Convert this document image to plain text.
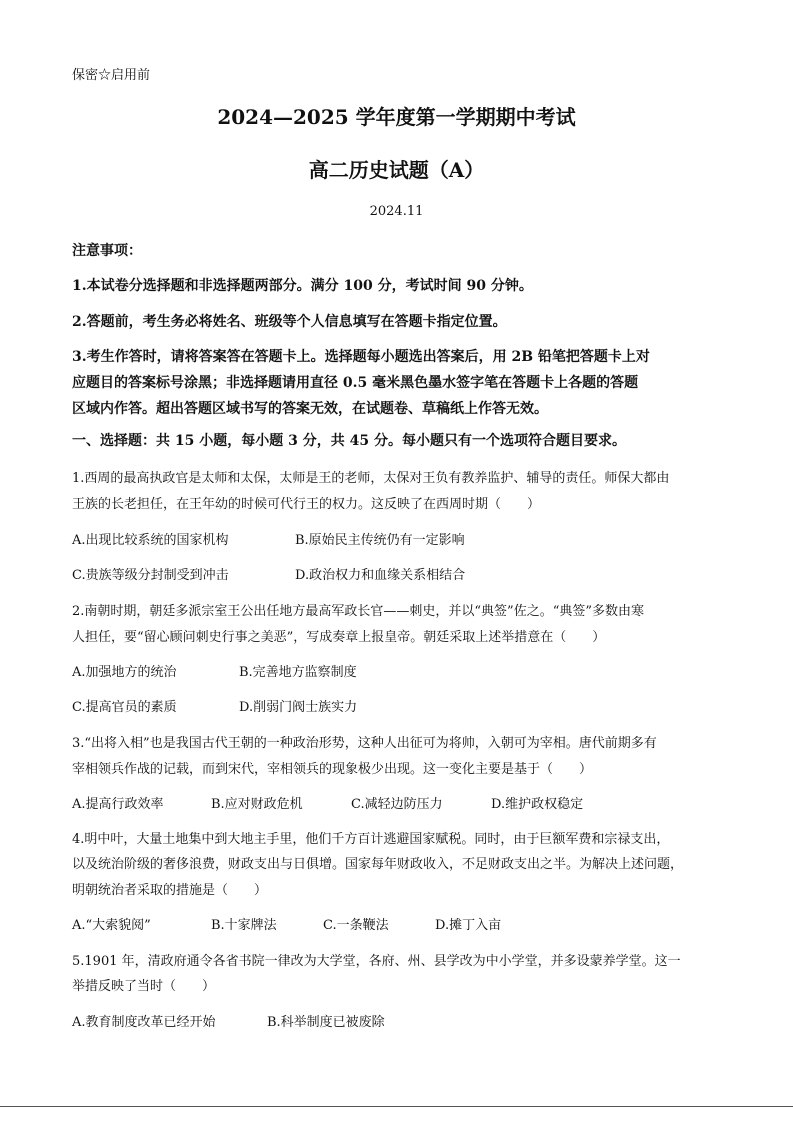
保密☆启用前
2024—2025 学年度第一学期期中考试
高二历史试题（A）
2024.11
注意事项：
1.本试卷分选择题和非选择题两部分。满分 100 分，考试时间 90 分钟。
2.答题前，考生务必将姓名、班级等个人信息填写在答题卡指定位置。
3.考生作答时，请将答案答在答题卡上。选择题每小题选出答案后，用 2B 铅笔把答题卡上对
应题目的答案标号涂黑；非选择题请用直径 0.5 毫米黑色墨水签字笔在答题卡上各题的答题
区域内作答。超出答题区域书写的答案无效，在试题卷、草稿纸上作答无效。
一、选择题：共 15 小题，每小题 3 分，共 45 分。每小题只有一个选项符合题目要求。
1.西周的最高执政官是太师和太保，太师是王的老师，太保对王负有教养监护、辅导的责任。师保大都由
王族的长老担任，在王年幼的时候可代行王的权力。这反映了在西周时期（　　）
A.出现比较系统的国家机构	B.原始民主传统仍有一定影响
C.贵族等级分封制受到冲击	D.政治权力和血缘关系相结合
2.南朝时期，朝廷多派宗室王公出任地方最高军政长官——刺史，并以“典签”佐之。“典签”多数由寒
人担任，要“留心顾问刺史行事之美恶”，写成奏章上报皇帝。朝廷采取上述举措意在（　　）
A.加强地方的统治	B.完善地方监察制度
C.提高官员的素质	D.削弱门阀士族实力
3.“出将入相”也是我国古代王朝的一种政治形势，这种人出征可为将帅，入朝可为宰相。唐代前期多有
宰相领兵作战的记载，而到宋代，宰相领兵的现象极少出现。这一变化主要是基于（　　）
A.提高行政效率	B.应对财政危机	C.减轻边防压力	D.维护政权稳定
4.明中叶，大量土地集中到大地主手里，他们千方百计逃避国家赋税。同时，由于巨额军费和宗禄支出，
以及统治阶级的奢侈浪费，财政支出与日俱增。国家每年财政收入，不足财政支出之半。为解决上述问题，
明朝统治者采取的措施是（　　）
A.“大索貌阅”	B.十家牌法	C.一条鞭法	D.摊丁入亩
5.1901 年，清政府通令各省书院一律改为大学堂，各府、州、县学改为中小学堂，并多设蒙养学堂。这一
举措反映了当时（　　）
A.教育制度改革已经开始	B.科举制度已被废除
